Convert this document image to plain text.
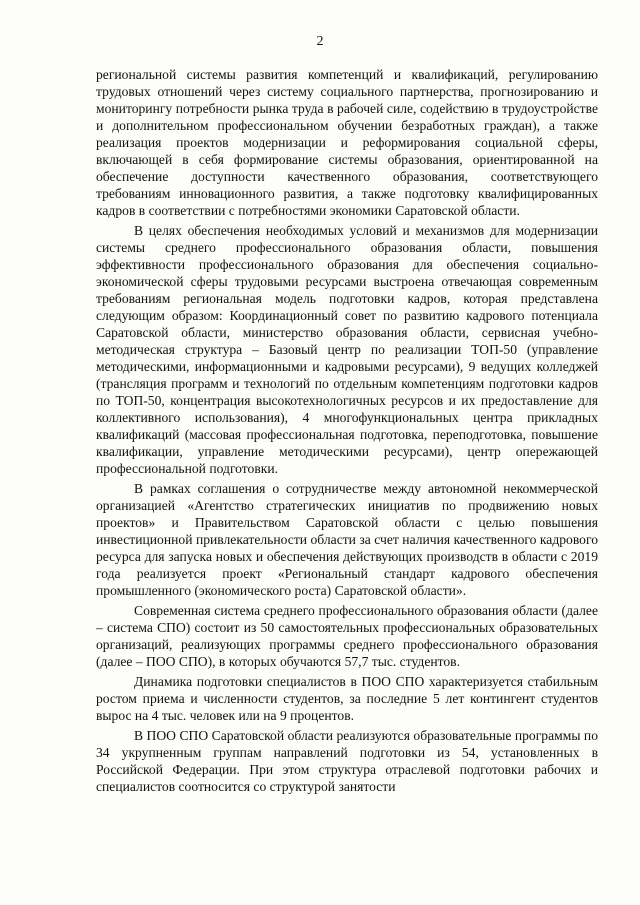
2

региональной системы развития компетенций и квалификаций, регулированию трудовых отношений через систему социального партнерства, прогнозированию и мониторингу потребности рынка труда в рабочей силе, содействию в трудоустройстве и дополнительном профессиональном обучении безработных граждан), а также реализация проектов модернизации и реформирования социальной сферы, включающей в себя формирование системы образования, ориентированной на обеспечение доступности качественного образования, соответствующего требованиям инновационного развития, а также подготовку квалифицированных кадров в соответствии с потребностями экономики Саратовской области.

В целях обеспечения необходимых условий и механизмов для модернизации системы среднего профессионального образования области, повышения эффективности профессионального образования для обеспечения социально-экономической сферы трудовыми ресурсами выстроена отвечающая современным требованиям региональная модель подготовки кадров, которая представлена следующим образом: Координационный совет по развитию кадрового потенциала Саратовской области, министерство образования области, сервисная учебно-методическая структура – Базовый центр по реализации ТОП-50 (управление методическими, информационными и кадровыми ресурсами), 9 ведущих колледжей (трансляция программ и технологий по отдельным компетенциям подготовки кадров по ТОП-50, концентрация высокотехнологичных ресурсов и их предоставление для коллективного использования), 4 многофункциональных центра прикладных квалификаций (массовая профессиональная подготовка, переподготовка, повышение квалификации, управление методическими ресурсами), центр опережающей профессиональной подготовки.

В рамках соглашения о сотрудничестве между автономной некоммерческой организацией «Агентство стратегических инициатив по продвижению новых проектов» и Правительством Саратовской области с целью повышения инвестиционной привлекательности области за счет наличия качественного кадрового ресурса для запуска новых и обеспечения действующих производств в области с 2019 года реализуется проект «Региональный стандарт кадрового обеспечения промышленного (экономического роста) Саратовской области».

Современная система среднего профессионального образования области (далее – система СПО) состоит из 50 самостоятельных профессиональных образовательных организаций, реализующих программы среднего профессионального образования (далее – ПОО СПО), в которых обучаются 57,7 тыс. студентов.

Динамика подготовки специалистов в ПОО СПО характеризуется стабильным ростом приема и численности студентов, за последние 5 лет контингент студентов вырос на 4 тыс. человек или на 9 процентов.

В ПОО СПО Саратовской области реализуются образовательные программы по 34 укрупненным группам направлений подготовки из 54, установленных в Российской Федерации. При этом структура отраслевой подготовки рабочих и специалистов соотносится со структурой занятости
